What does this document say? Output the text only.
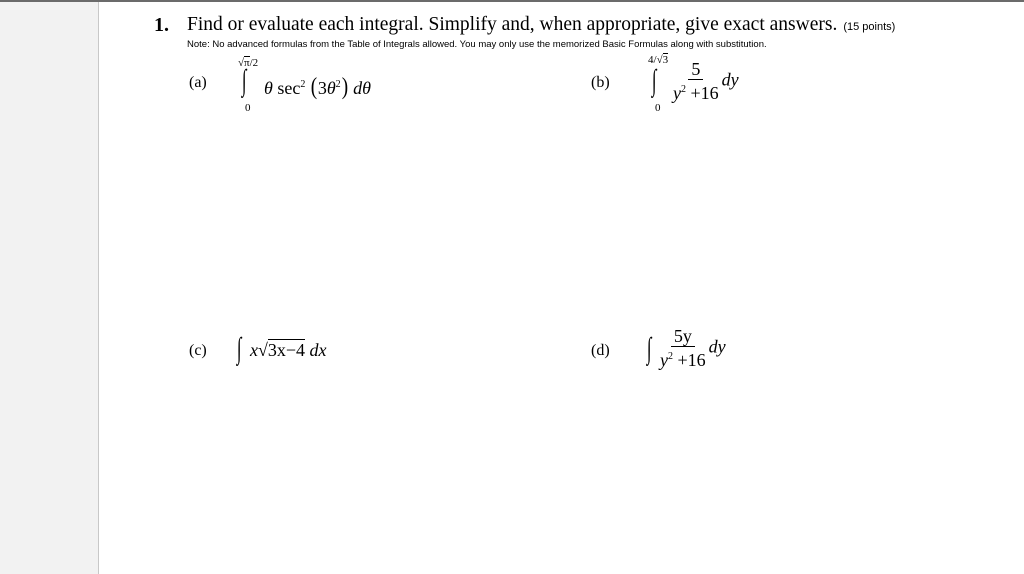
1. Find or evaluate each integral. Simplify and, when appropriate, give exact answers. (15 points)
Note: No advanced formulas from the Table of Integrals allowed. You may only use the memorized Basic Formulas along with substitution.
(a)
√π/2
∫
0
θ $\sec^2 (3\theta^2)$ dθ	(b)
4/√3
∫
0
$\frac{5}{y^2 +16}$ dy
(c) ∫ x√3x−4 dx	(d) ∫ $\frac{5y}{y^2 +16}$ dy
